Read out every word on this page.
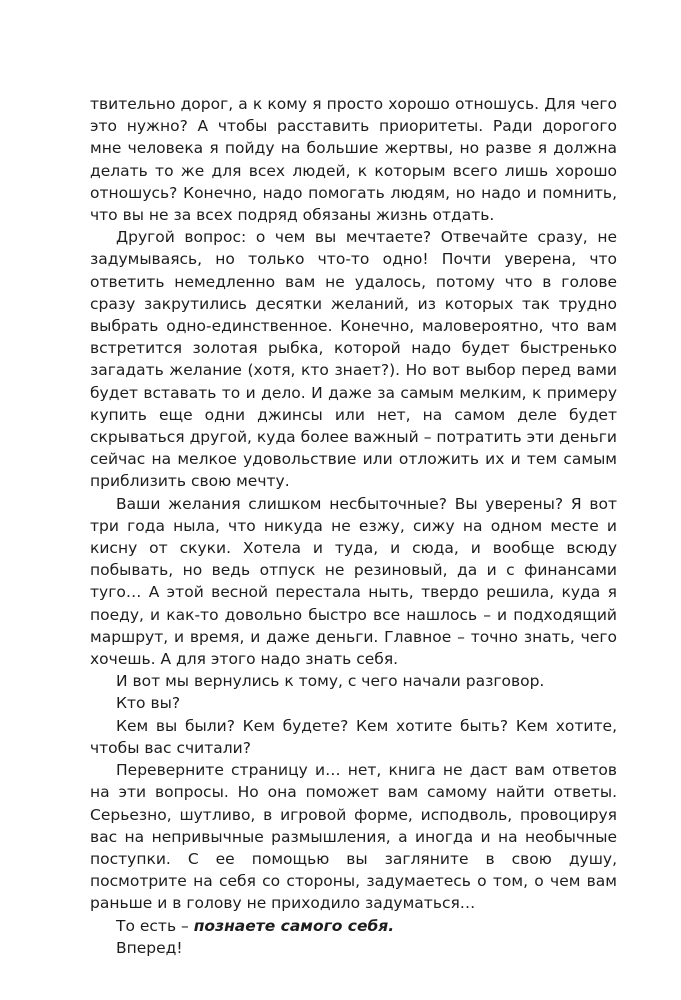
твительно дорог, а к кому я просто хорошо отношусь. Для чего это нужно? А чтобы расставить приоритеты. Ради дорогого мне человека я пойду на большие жертвы, но разве я должна делать то же для всех людей, к которым всего лишь хорошо отношусь? Конечно, надо помогать людям, но надо и помнить, что вы не за всех подряд обязаны жизнь отдать.

Другой вопрос: о чем вы мечтаете? Отвечайте сразу, не задумываясь, но только что-то одно! Почти уверена, что ответить немедленно вам не удалось, потому что в голове сразу закрутились десятки желаний, из которых так трудно выбрать одно-единственное. Конечно, маловероятно, что вам встретится золотая рыбка, которой надо будет быстренько загадать желание (хотя, кто знает?). Но вот выбор перед вами будет вставать то и дело. И даже за самым мелким, к примеру купить еще одни джинсы или нет, на самом деле будет скрываться другой, куда более важный – потратить эти деньги сейчас на мелкое удовольствие или отложить их и тем самым приблизить свою мечту.

Ваши желания слишком несбыточные? Вы уверены? Я вот три года ныла, что никуда не езжу, сижу на одном месте и кисну от скуки. Хотела и туда, и сюда, и вообще всюду побывать, но ведь отпуск не резиновый, да и с финансами туго… А этой весной перестала ныть, твердо решила, куда я поеду, и как-то довольно быстро все нашлось – и подходящий маршрут, и время, и даже деньги. Главное – точно знать, чего хочешь. А для этого надо знать себя.

И вот мы вернулись к тому, с чего начали разговор.

Кто вы?

Кем вы были? Кем будете? Кем хотите быть? Кем хотите, чтобы вас считали?

Переверните страницу и… нет, книга не даст вам ответов на эти вопросы. Но она поможет вам самому найти ответы. Серьезно, шутливо, в игровой форме, исподволь, провоцируя вас на непривычные размышления, а иногда и на необычные поступки. С ее помощью вы загляните в свою душу, посмотрите на себя со стороны, задумаетесь о том, о чем вам раньше и в голову не приходило задуматься…

То есть – познаете самого себя.

Вперед!
